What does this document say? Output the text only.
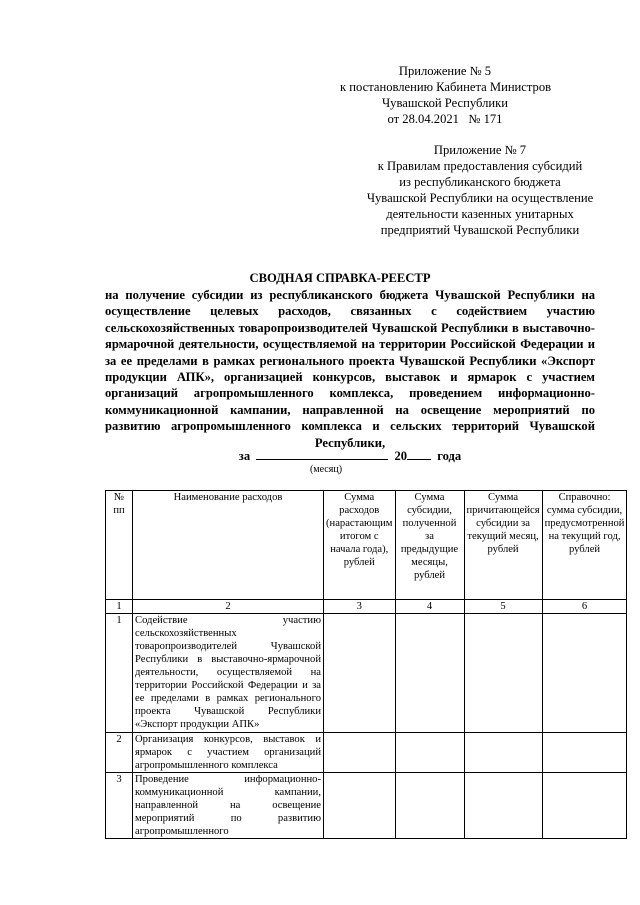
Приложение № 5
к постановлению Кабинета Министров
Чувашской Республики
от 28.04.2021   № 171
Приложение № 7
к Правилам предоставления субсидий
из республиканского бюджета
Чувашской Республики на осуществление
деятельности казенных унитарных
предприятий Чувашской Республики
СВОДНАЯ СПРАВКА-РЕЕСТР
на получение субсидии из республиканского бюджета Чувашской Республики на осуществление целевых расходов, связанных с содействием участию сельскохозяйственных товаропроизводителей Чувашской Республики в выставочно-ярмарочной деятельности, осуществляемой на территории Российской Федерации и за ее пределами в рамках регионального проекта Чувашской Республики «Экспорт продукции АПК», организацией конкурсов, выставок и ярмарок с участием организаций агропромышленного комплекса, проведением информационно-коммуникационной кампании, направленной на освещение мероприятий по развитию агропромышленного комплекса и сельских территорий Чувашской Республики,
за	20 года
(месяц)
№ пп	Наименование расходов	Сумма расходов (нарастающим итогом с начала года), рублей	Сумма субсидии, полученной за предыдущие месяцы, рублей	Сумма причитающейся субсидии за текущий месяц, рублей	Справочно: сумма субсидии, предусмотренной на текущий год, рублей
1	2	3	4	5	6
1	Содействие участию сельскохозяйственных товаропроизводителей Чувашской Республики в выставочно-ярмарочной деятельности, осуществляемой на территории Российской Федерации и за ее пределами в рамках регионального проекта Чувашской Республики «Экспорт продукции АПК»				
2	Организация конкурсов, выставок и ярмарок с участием организаций агропромышленного комплекса				
3	Проведение информационно-коммуникационной кампании, направленной на освещение мероприятий по развитию агропромышленного				
